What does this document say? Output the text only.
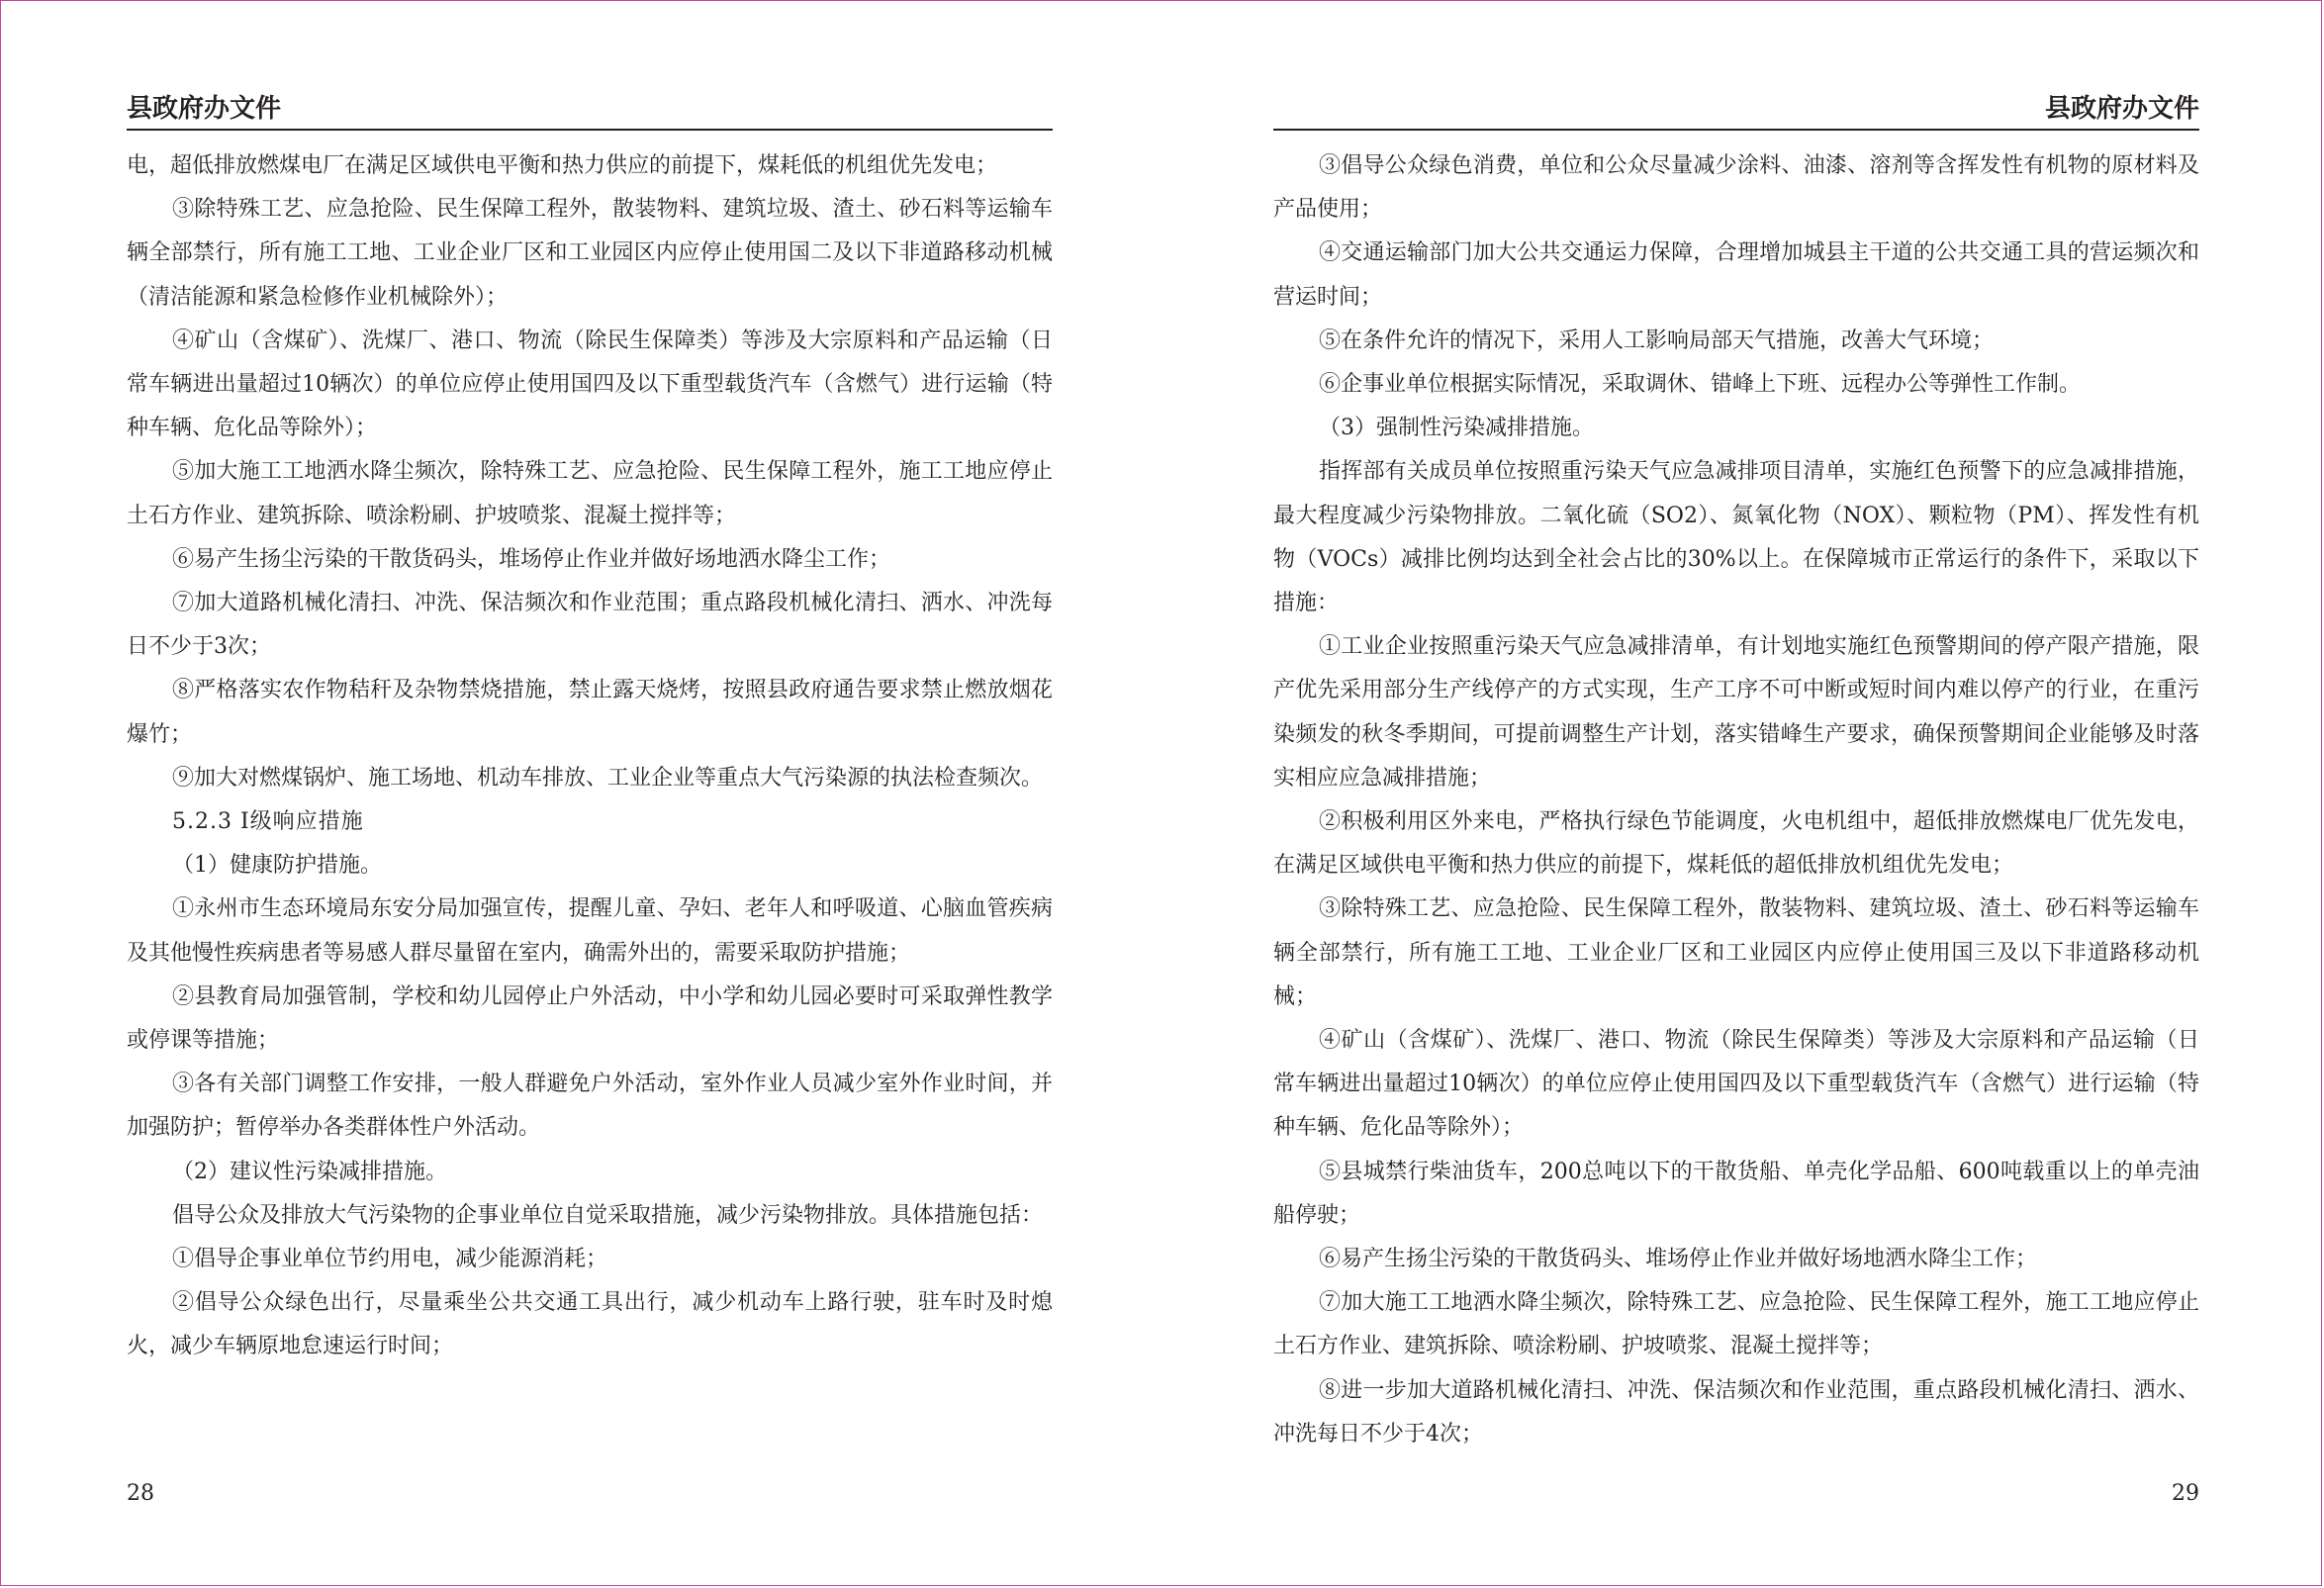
县政府办文件

电，超低排放燃煤电厂在满足区域供电平衡和热力供应的前提下，煤耗低的机组优先发电；

③除特殊工艺、应急抢险、民生保障工程外，散装物料、建筑垃圾、渣土、砂石料等运输车辆全部禁行，所有施工工地、工业企业厂区和工业园区内应停止使用国二及以下非道路移动机械（清洁能源和紧急检修作业机械除外）；

④矿山（含煤矿）、洗煤厂、港口、物流（除民生保障类）等涉及大宗原料和产品运输（日常车辆进出量超过10辆次）的单位应停止使用国四及以下重型载货汽车（含燃气）进行运输（特种车辆、危化品等除外）；

⑤加大施工工地洒水降尘频次，除特殊工艺、应急抢险、民生保障工程外，施工工地应停止土石方作业、建筑拆除、喷涂粉刷、护坡喷浆、混凝土搅拌等；

⑥易产生扬尘污染的干散货码头，堆场停止作业并做好场地洒水降尘工作；

⑦加大道路机械化清扫、冲洗、保洁频次和作业范围；重点路段机械化清扫、洒水、冲洗每日不少于3次；

⑧严格落实农作物秸秆及杂物禁烧措施，禁止露天烧烤，按照县政府通告要求禁止燃放烟花爆竹；

⑨加大对燃煤锅炉、施工场地、机动车排放、工业企业等重点大气污染源的执法检查频次。

5.2.3 Ⅰ级响应措施

（1）健康防护措施。

①永州市生态环境局东安分局加强宣传，提醒儿童、孕妇、老年人和呼吸道、心脑血管疾病及其他慢性疾病患者等易感人群尽量留在室内，确需外出的，需要采取防护措施；

②县教育局加强管制，学校和幼儿园停止户外活动，中小学和幼儿园必要时可采取弹性教学或停课等措施；

③各有关部门调整工作安排，一般人群避免户外活动，室外作业人员减少室外作业时间，并加强防护；暂停举办各类群体性户外活动。

（2）建议性污染减排措施。

倡导公众及排放大气污染物的企事业单位自觉采取措施，减少污染物排放。具体措施包括：

①倡导企事业单位节约用电，减少能源消耗；

②倡导公众绿色出行，尽量乘坐公共交通工具出行，减少机动车上路行驶，驻车时及时熄火，减少车辆原地怠速运行时间；

28
县政府办文件

③倡导公众绿色消费，单位和公众尽量减少涂料、油漆、溶剂等含挥发性有机物的原材料及产品使用；

④交通运输部门加大公共交通运力保障，合理增加城县主干道的公共交通工具的营运频次和营运时间；

⑤在条件允许的情况下，采用人工影响局部天气措施，改善大气环境；

⑥企事业单位根据实际情况，采取调休、错峰上下班、远程办公等弹性工作制。

（3）强制性污染减排措施。

指挥部有关成员单位按照重污染天气应急减排项目清单，实施红色预警下的应急减排措施，最大程度减少污染物排放。二氧化硫（SO2）、氮氧化物（NOX）、颗粒物（PM）、挥发性有机物（VOCs）减排比例均达到全社会占比的30%以上。在保障城市正常运行的条件下，采取以下措施：

①工业企业按照重污染天气应急减排清单，有计划地实施红色预警期间的停产限产措施，限产优先采用部分生产线停产的方式实现，生产工序不可中断或短时间内难以停产的行业，在重污染频发的秋冬季期间，可提前调整生产计划，落实错峰生产要求，确保预警期间企业能够及时落实相应应急减排措施；

②积极利用区外来电，严格执行绿色节能调度，火电机组中，超低排放燃煤电厂优先发电，在满足区域供电平衡和热力供应的前提下，煤耗低的超低排放机组优先发电；

③除特殊工艺、应急抢险、民生保障工程外，散装物料、建筑垃圾、渣土、砂石料等运输车辆全部禁行，所有施工工地、工业企业厂区和工业园区内应停止使用国三及以下非道路移动机械；

④矿山（含煤矿）、洗煤厂、港口、物流（除民生保障类）等涉及大宗原料和产品运输（日常车辆进出量超过10辆次）的单位应停止使用国四及以下重型载货汽车（含燃气）进行运输（特种车辆、危化品等除外）；

⑤县城禁行柴油货车，200总吨以下的干散货船、单壳化学品船、600吨载重以上的单壳油船停驶；

⑥易产生扬尘污染的干散货码头、堆场停止作业并做好场地洒水降尘工作；

⑦加大施工工地洒水降尘频次，除特殊工艺、应急抢险、民生保障工程外，施工工地应停止土石方作业、建筑拆除、喷涂粉刷、护坡喷浆、混凝土搅拌等；

⑧进一步加大道路机械化清扫、冲洗、保洁频次和作业范围，重点路段机械化清扫、洒水、冲洗每日不少于4次；

29
